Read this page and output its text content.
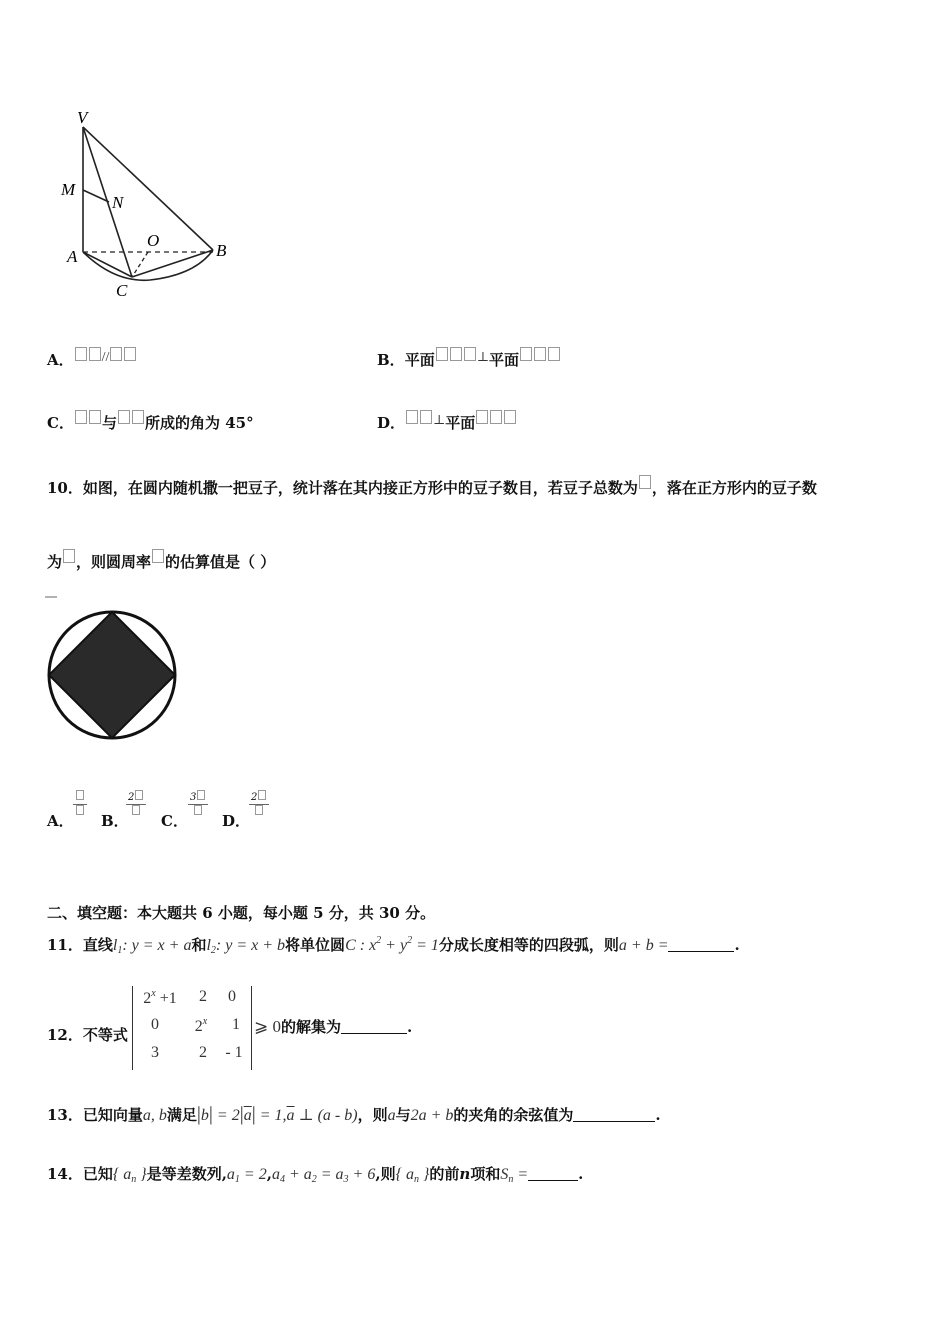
V
M
N
O
A	B
C
A． //	B．平面	⊥平面
C． 与 所成的角为 45°	D． ⊥平面
10．如图，在圆内随机撒一把豆子，统计落在其内接正方形中的豆子数目，若豆子总数为 ，落在正方形内的豆子数
为 ，则圆周率 的估算值是（ ）
A． B．
2
C．
3
D．
2
二、填空题：本大题共 6 小题，每小题 5 分，共 30 分。
11．直线$l_1$: y = x + a和$l_2$: y = x + b将单位圆C : $x^2 + y^2 = 1$分成长度相等的四段弧，则a + b =	.
12．不等式
$2^x +1$	2	0
0	2$^x$	1
3	2	- 1
⩾ 0的解集为	.
13．已知向量a, b满足$|b| = 2|\overline{a}| = 1,\overline{a}$ ⊥ (a - b)，则a与2a + b的夹角的余弦值为	.
14．已知{ $a_n$ }是等差数列$,a_1 = 2,a_4 + a_2 = a_3 + 6$,则{ $a_n$ }的前n项和$S_n$ =	.
